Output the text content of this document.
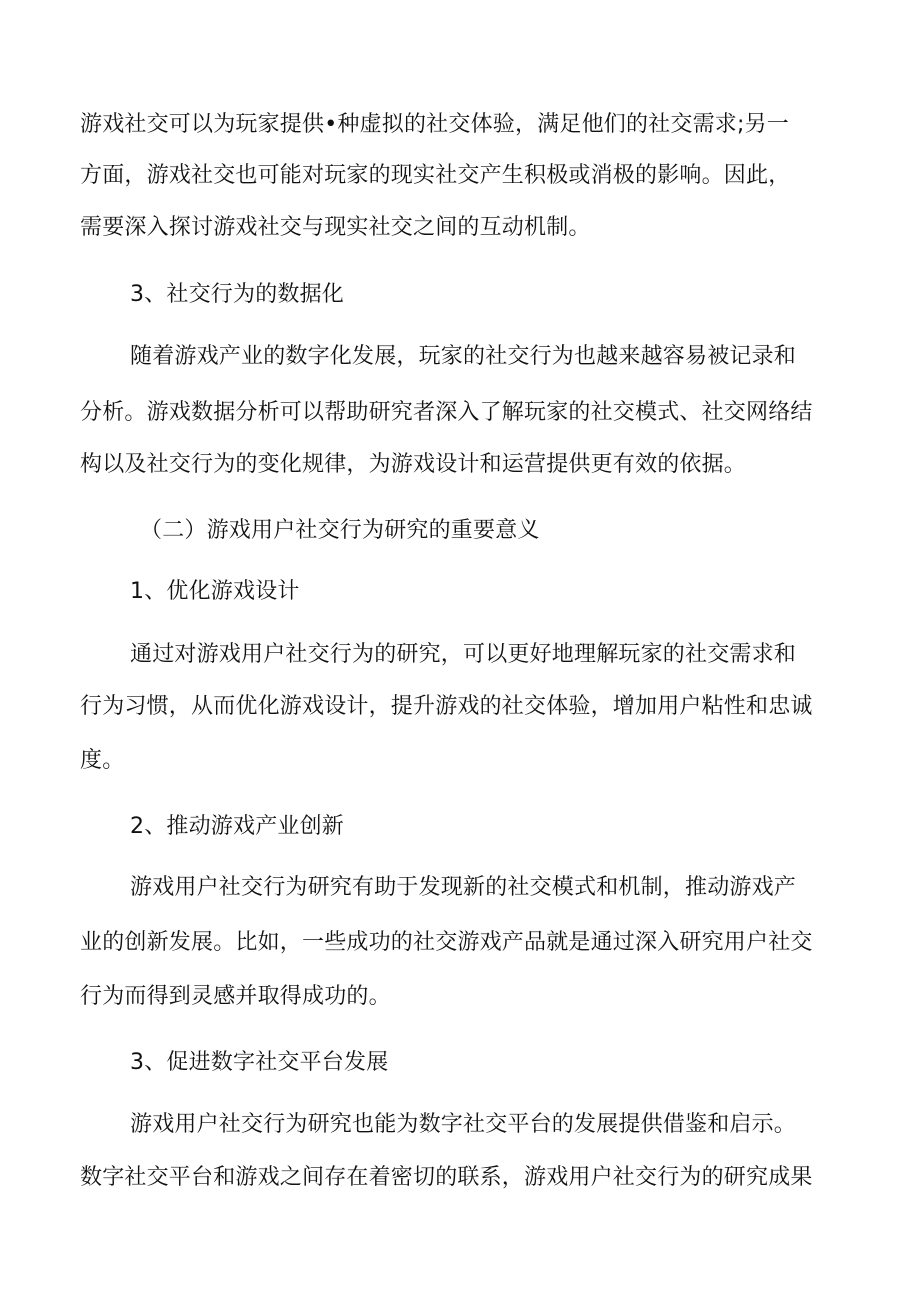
游戏社交可以为玩家提供•种虚拟的社交体验，满足他们的社交需求;另一
方面，游戏社交也可能对玩家的现实社交产生积极或消极的影响。因此，
需要深入探讨游戏社交与现实社交之间的互动机制。
3、社交行为的数据化
随着游戏产业的数字化发展，玩家的社交行为也越来越容易被记录和
分析。游戏数据分析可以帮助研究者深入了解玩家的社交模式、社交网络结
构以及社交行为的变化规律，为游戏设计和运营提供更有效的依据。
（二）游戏用户社交行为研究的重要意义
1、优化游戏设计
通过对游戏用户社交行为的研究，可以更好地理解玩家的社交需求和
行为习惯，从而优化游戏设计，提升游戏的社交体验，增加用户粘性和忠诚
度。
2、推动游戏产业创新
游戏用户社交行为研究有助于发现新的社交模式和机制，推动游戏产
业的创新发展。比如，一些成功的社交游戏产品就是通过深入研究用户社交
行为而得到灵感并取得成功的。
3、促进数字社交平台发展
游戏用户社交行为研究也能为数字社交平台的发展提供借鉴和启示。
数字社交平台和游戏之间存在着密切的联系，游戏用户社交行为的研究成果
